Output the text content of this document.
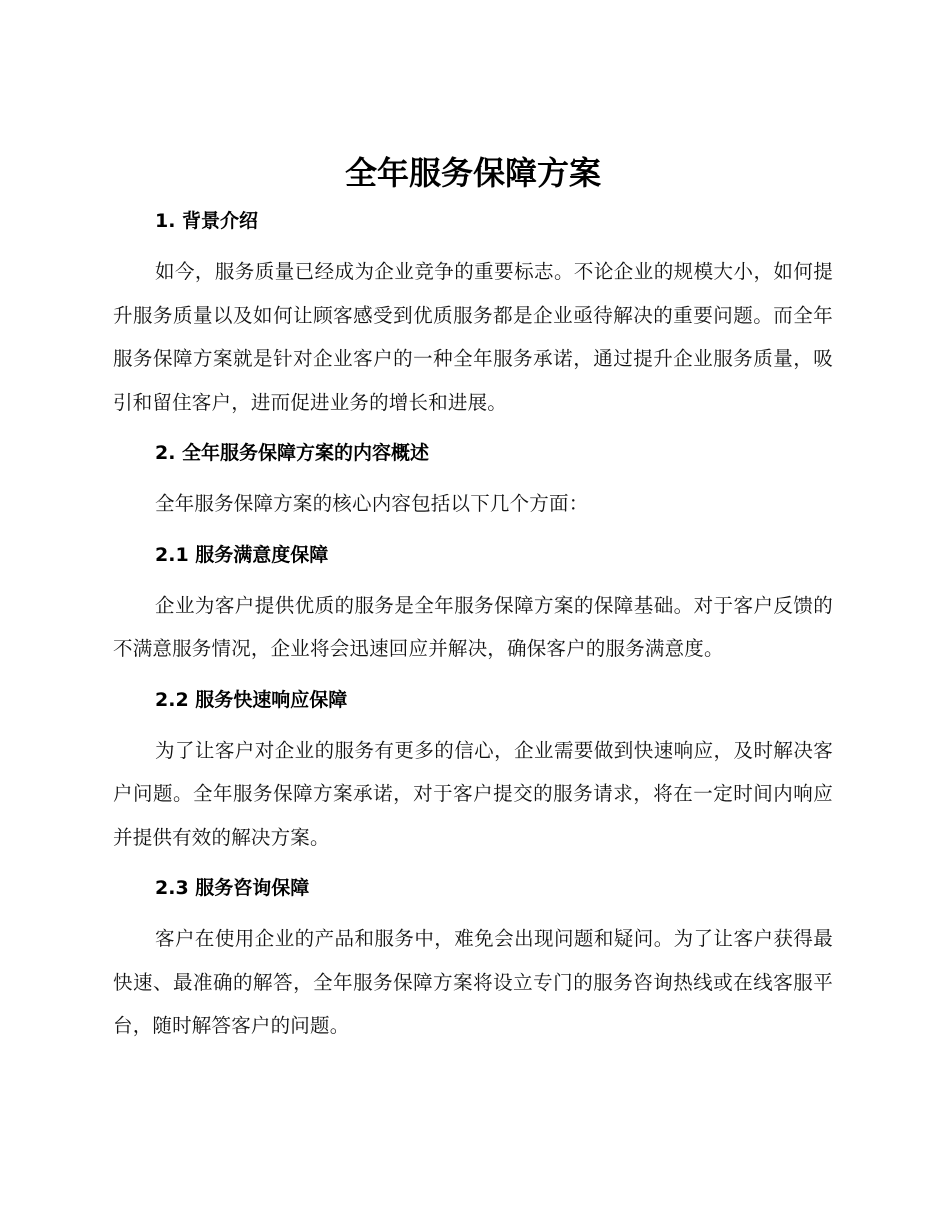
全年服务保障方案
1. 背景介绍

如今，服务质量已经成为企业竞争的重要标志。不论企业的规模大小，如何提升服务质量以及如何让顾客感受到优质服务都是企业亟待解决的重要问题。而全年服务保障方案就是针对企业客户的一种全年服务承诺，通过提升企业服务质量，吸引和留住客户，进而促进业务的增长和进展。

2. 全年服务保障方案的内容概述

全年服务保障方案的核心内容包括以下几个方面：

2.1 服务满意度保障

企业为客户提供优质的服务是全年服务保障方案的保障基础。对于客户反馈的不满意服务情况，企业将会迅速回应并解决，确保客户的服务满意度。

2.2 服务快速响应保障

为了让客户对企业的服务有更多的信心，企业需要做到快速响应，及时解决客户问题。全年服务保障方案承诺，对于客户提交的服务请求，将在一定时间内响应并提供有效的解决方案。

2.3 服务咨询保障

客户在使用企业的产品和服务中，难免会出现问题和疑问。为了让客户获得最快速、最准确的解答，全年服务保障方案将设立专门的服务咨询热线或在线客服平台，随时解答客户的问题。
